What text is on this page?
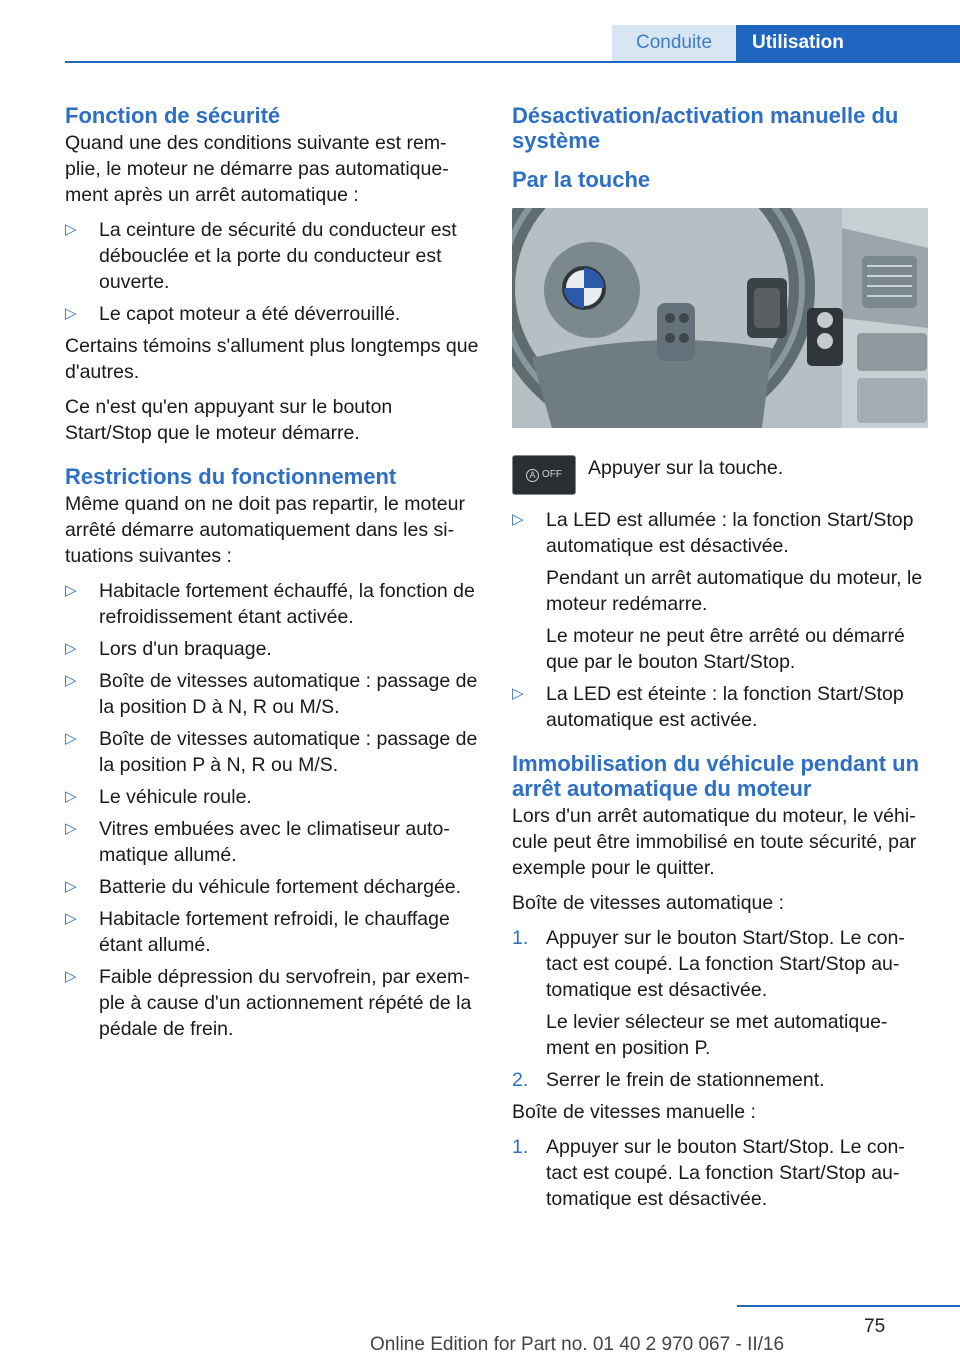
Conduite	Utilisation
Fonction de sécurité

Quand une des conditions suivante est rem-plie, le moteur ne démarre pas automatique-ment après un arrêt automatique :

▷ La ceinture de sécurité du conducteur est débouclée et la porte du conducteur est ouverte.
▷ Le capot moteur a été déverrouillé.

Certains témoins s'allument plus longtemps que d'autres.

Ce n'est qu'en appuyant sur le bouton Start/Stop que le moteur démarre.

Restrictions du fonctionnement

Même quand on ne doit pas repartir, le moteur arrêté démarre automatiquement dans les si-tuations suivantes :

▷ Habitacle fortement échauffé, la fonction de refroidissement étant activée.
▷ Lors d'un braquage.
▷ Boîte de vitesses automatique : passage de la position D à N, R ou M/S.
▷ Boîte de vitesses automatique : passage de la position P à N, R ou M/S.
▷ Le véhicule roule.
▷ Vitres embuées avec le climatiseur auto-matique allumé.
▷ Batterie du véhicule fortement déchargée.
▷ Habitacle fortement refroidi, le chauffage étant allumé.
▷ Faible dépression du servofrein, par exem-ple à cause d'un actionnement répété de la pédale de frein.
Désactivation/activation manuelle du système
Par la touche
A OFF Appuyer sur la touche.
▷ La LED est allumée : la fonction Start/Stop automatique est désactivée.

Pendant un arrêt automatique du moteur, le moteur redémarre.

Le moteur ne peut être arrêté ou démarré que par le bouton Start/Stop.

▷ La LED est éteinte : la fonction Start/Stop automatique est activée.
Immobilisation du véhicule pendant un arrêt automatique du moteur

Lors d'un arrêt automatique du moteur, le véhi-cule peut être immobilisé en toute sécurité, par exemple pour le quitter.

Boîte de vitesses automatique :

1. Appuyer sur le bouton Start/Stop. Le con-tact est coupé. La fonction Start/Stop au-tomatique est désactivée.

Le levier sélecteur se met automatique-ment en position P.

2. Serrer le frein de stationnement.

Boîte de vitesses manuelle :

1. Appuyer sur le bouton Start/Stop. Le con-tact est coupé. La fonction Start/Stop au-tomatique est désactivée.
75
Online Edition for Part no. 01 40 2 970 067 - II/16
